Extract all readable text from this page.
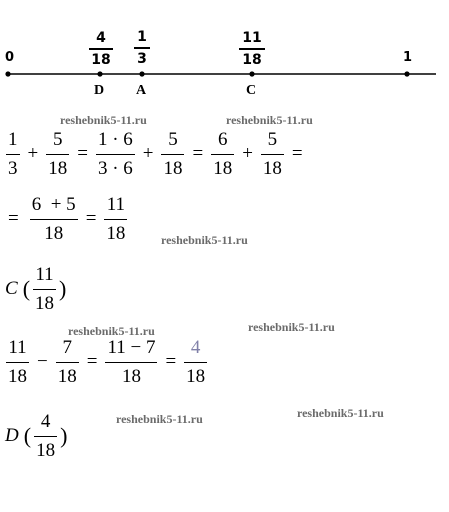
0	1
4
18
1
3
11
18
D A	C
reshebnik5-11.ru	reshebnik5-11.ru
reshebnik5-11.ru
reshebnik5-11.ru	reshebnik5-11.ru
reshebnik5-11.ru	reshebnik5-11.ru
$\frac{1}{3} + \frac{5}{18} = \frac{1 \cdot 6}{3 \cdot 6} + \frac{5}{18} = \frac{6}{18} + \frac{5}{18}$ =
= $\frac{6 + 5}{18} = \frac{11}{18}$
C ( $\frac{11}{18}$ )
$\frac{11}{18} - \frac{7}{18} = \frac{11 - 7}{18} = \frac{4}{18}$
D ( $\frac{4}{18}$ )
